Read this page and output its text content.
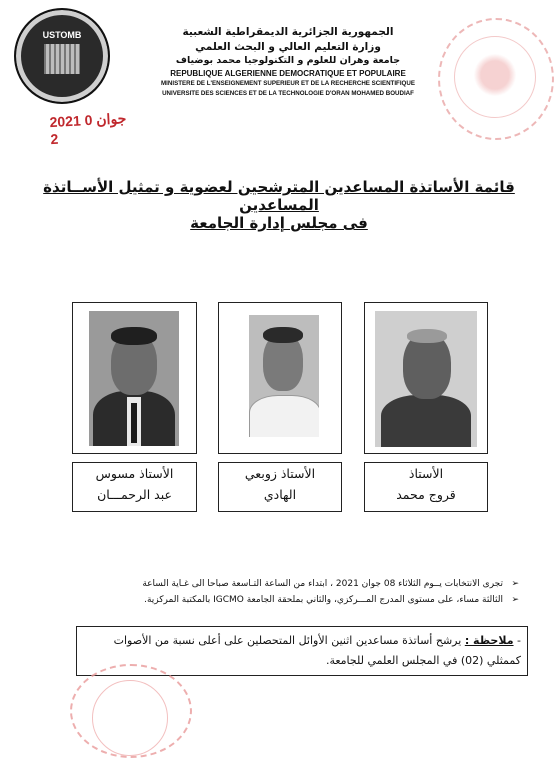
USTOMB	الجمهورية الجزائرية الديمقراطية الشعبية
وزارة التعليم العالي و البحث العلمي
جامعة وهران للعلوم و التكنولوجيا محمد بوضياف
REPUBLIQUE ALGERIENNE DEMOCRATIQUE ET POPULAIRE
MINISTERE DE L'ENSEIGNEMENT SUPERIEUR ET DE LA RECHERCHE SCIENTIFIQUE
UNIVERSITE DES SCIENCES ET DE LA TECHNOLOGIE D'ORAN MOHAMED BOUDIAF
2021 جوان 0 2
قائمة الأساتذة المساعدين المترشحين لعضوية و تمثيل الأســاتذة المساعدين
فى مجلس إدارة الجامعة
الأستاذ مسوس
عبد الرحمـــان
الأستاذ زوبعي
الهادي
الأستاذ
قروج محمد
➢تجرى الانتخابات يــوم الثلاثاء 08 جوان 2021 ، ابتداء من الساعة التـاسعة صباحا الى غـاية الساعة
➢الثالثة مساء، على مستوى المدرج المـــركزي، والثاني بملحقة الجامعة IGCMO بالمكتبة المركزية.
- ملاحظة : يرشح أساتذة مساعدين اثنين الأوائل المتحصلين على أعلى نسبة من الأصوات كممثلي (02) في المجلس العلمي للجامعة.
